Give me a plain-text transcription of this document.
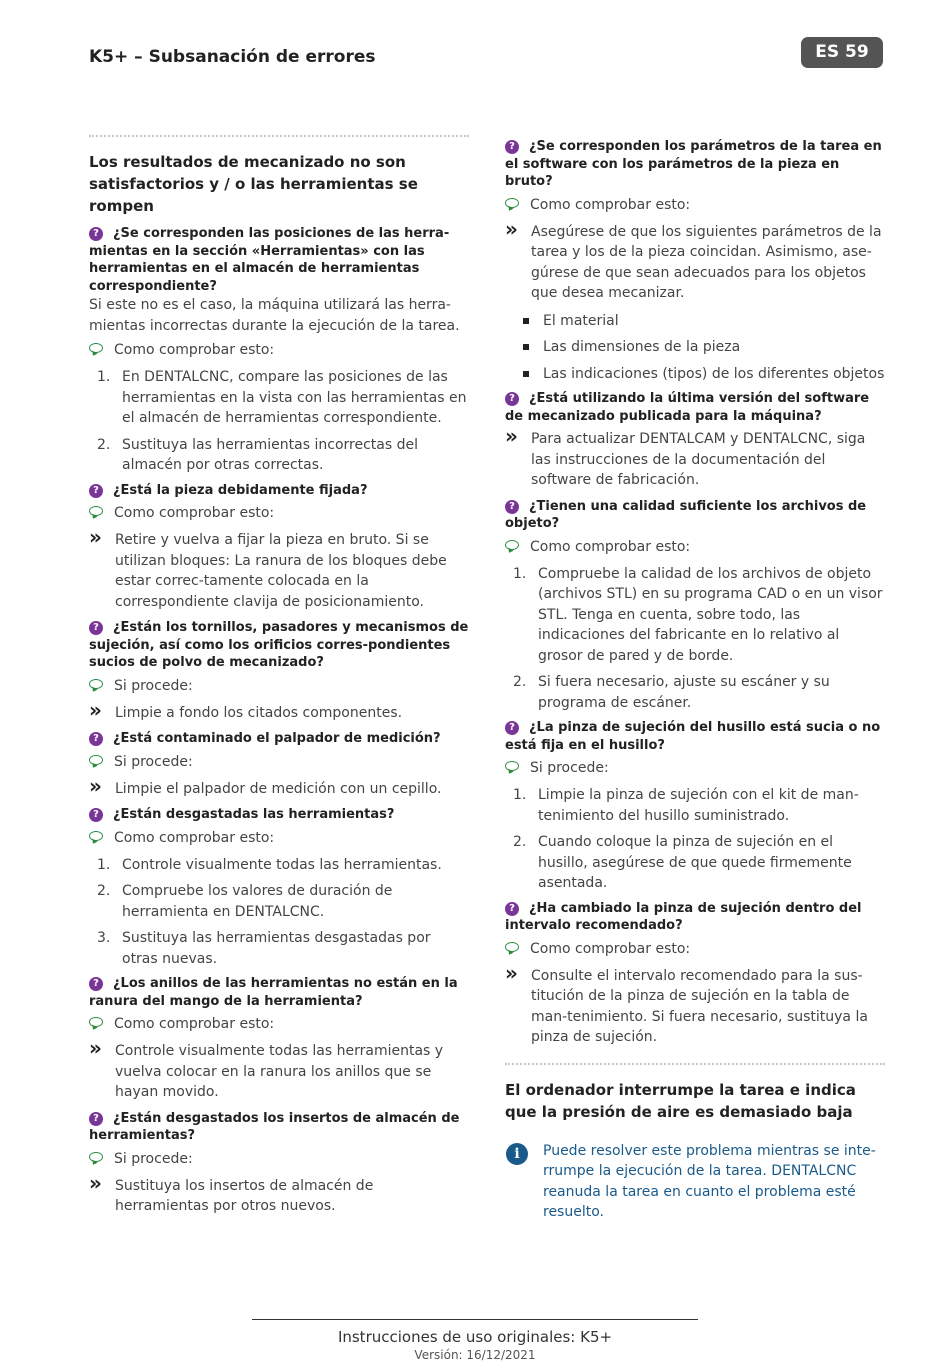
K5+ – Subsanación de errores	ES 59
Los resultados de mecanizado no son satisfactorios y / o las herramientas se rompen
? ¿Se corresponden las posiciones de las herra-mientas en la sección «Herramientas» con las herramientas en el almacén de herramientas correspondiente?
Si este no es el caso, la máquina utilizará las herra-mientas incorrectas durante la ejecución de la tarea.
Como comprobar esto:
1. En DENTALCNC, compare las posiciones de las herramientas en la vista con las herramientas en el almacén de herramientas correspondiente.
2. Sustituya las herramientas incorrectas del almacén por otras correctas.
? ¿Está la pieza debidamente fijada?
Como comprobar esto:
» Retire y vuelva a fijar la pieza en bruto. Si se utilizan bloques: La ranura de los bloques debe estar correc-tamente colocada en la correspondiente clavija de posicionamiento.
? ¿Están los tornillos, pasadores y mecanismos de sujeción, así como los orificios corres-pondientes sucios de polvo de mecanizado?
Si procede:
» Limpie a fondo los citados componentes.
? ¿Está contaminado el palpador de medición?
Si procede:
» Limpie el palpador de medición con un cepillo.
? ¿Están desgastadas las herramientas?
Como comprobar esto:
1. Controle visualmente todas las herramientas.
2. Compruebe los valores de duración de herramienta en DENTALCNC.
3. Sustituya las herramientas desgastadas por otras nuevas.
? ¿Los anillos de las herramientas no están en la ranura del mango de la herramienta?
Como comprobar esto:
» Controle visualmente todas las herramientas y vuelva colocar en la ranura los anillos que se hayan movido.
? ¿Están desgastados los insertos de almacén de herramientas?
Si procede:
» Sustituya los insertos de almacén de herramientas por otros nuevos.
? ¿Se corresponden los parámetros de la tarea en el software con los parámetros de la pieza en bruto?
Como comprobar esto:
» Asegúrese de que los siguientes parámetros de la tarea y los de la pieza coincidan. Asimismo, ase-gúrese de que sean adecuados para los objetos que desea mecanizar.
El material
Las dimensiones de la pieza
Las indicaciones (tipos) de los diferentes objetos
? ¿Está utilizando la última versión del software de mecanizado publicada para la máquina?
» Para actualizar DENTALCAM y DENTALCNC, siga las instrucciones de la documentación del software de fabricación.
? ¿Tienen una calidad suficiente los archivos de objeto?
Como comprobar esto:
1. Compruebe la calidad de los archivos de objeto (archivos STL) en su programa CAD o en un visor STL. Tenga en cuenta, sobre todo, las indicaciones del fabricante en lo relativo al grosor de pared y de borde.
2. Si fuera necesario, ajuste su escáner y su programa de escáner.
? ¿La pinza de sujeción del husillo está sucia o no está fija en el husillo?
Si procede:
1. Limpie la pinza de sujeción con el kit de man-tenimiento del husillo suministrado.
2. Cuando coloque la pinza de sujeción en el husillo, asegúrese de que quede firmemente asentada.
? ¿Ha cambiado la pinza de sujeción dentro del intervalo recomendado?
Como comprobar esto:
» Consulte el intervalo recomendado para la sus-titución de la pinza de sujeción en la tabla de man-tenimiento. Si fuera necesario, sustituya la pinza de sujeción.
El ordenador interrumpe la tarea e indica que la presión de aire es demasiado baja
i	Puede resolver este problema mientras se inte-rrumpe la ejecución de la tarea. DENTALCNC reanuda la tarea en cuanto el problema esté resuelto.
Instrucciones de uso originales: K5+
Versión: 16/12/2021
